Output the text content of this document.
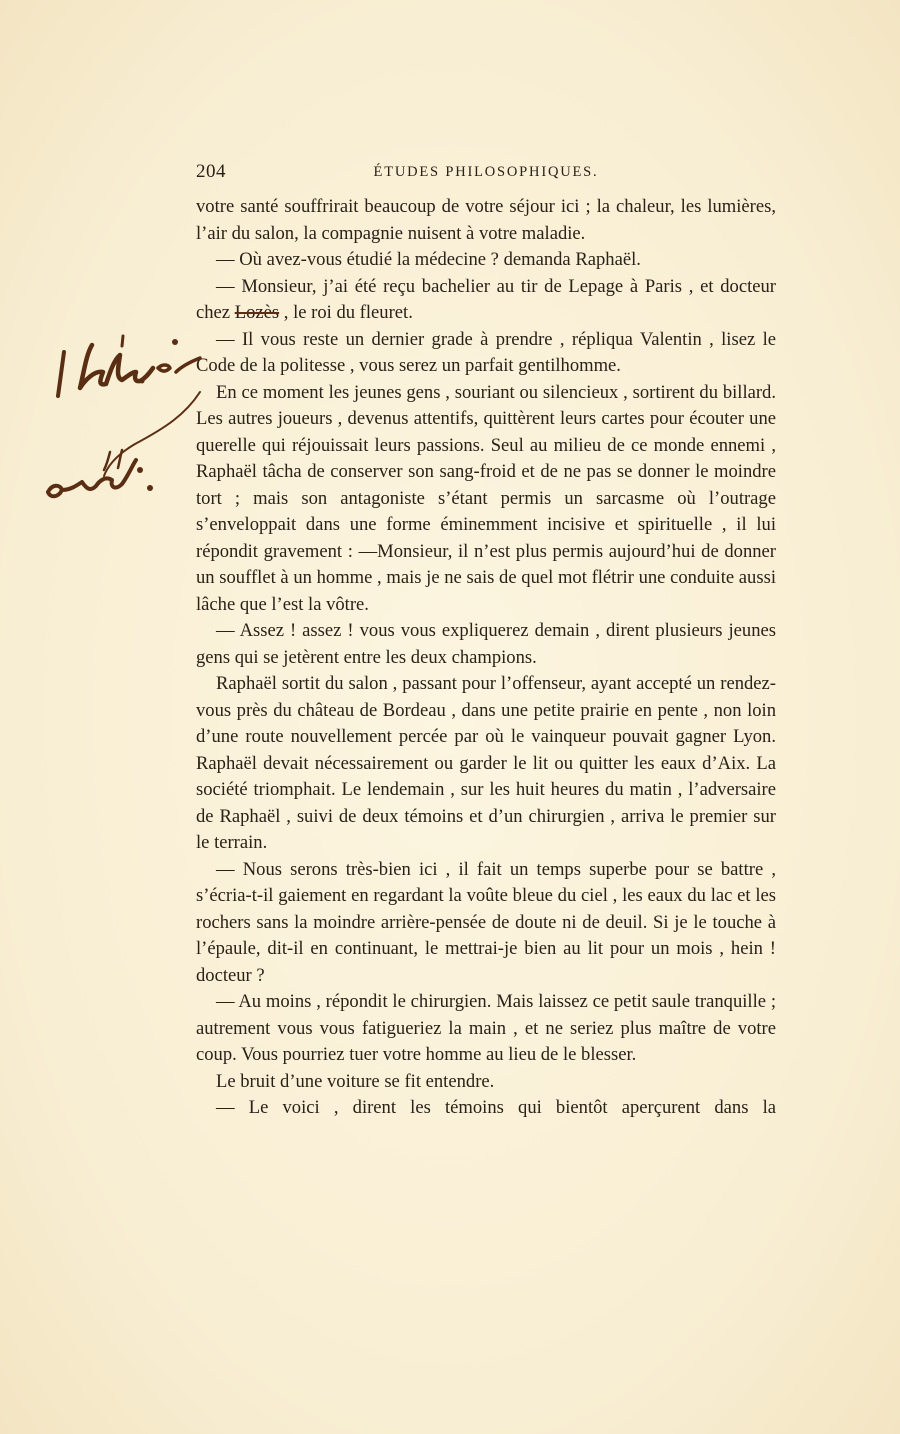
204	ÉTUDES PHILOSOPHIQUES.

votre santé souffrirait beaucoup de votre séjour ici ; la chaleur, les lumières, l’air du salon, la compagnie nuisent à votre maladie.

— Où avez-vous étudié la médecine ? demanda Raphaël.

— Monsieur, j’ai été reçu bachelier au tir de Lepage à Paris , et docteur chez Lozès , le roi du fleuret.

— Il vous reste un dernier grade à prendre , répliqua Valentin , lisez le Code de la politesse , vous serez un parfait gentilhomme.

En ce moment les jeunes gens , souriant ou silencieux , sortirent du billard. Les autres joueurs , devenus attentifs, quittèrent leurs cartes pour écouter une querelle qui réjouissait leurs passions. Seul au milieu de ce monde ennemi , Raphaël tâcha de conserver son sang-froid et de ne pas se donner le moindre tort ; mais son antagoniste s’étant permis un sarcasme où l’outrage s’enveloppait dans une forme éminemment incisive et spirituelle , il lui répondit gravement : —Monsieur, il n’est plus permis aujourd’hui de donner un soufflet à un homme , mais je ne sais de quel mot flétrir une conduite aussi lâche que l’est la vôtre.

— Assez ! assez ! vous vous expliquerez demain , dirent plusieurs jeunes gens qui se jetèrent entre les deux champions.

Raphaël sortit du salon , passant pour l’offenseur, ayant accepté un rendez-vous près du château de Bordeau , dans une petite prairie en pente , non loin d’une route nouvellement percée par où le vainqueur pouvait gagner Lyon. Raphaël devait nécessairement ou garder le lit ou quitter les eaux d’Aix. La société triomphait. Le lendemain , sur les huit heures du matin , l’adversaire de Raphaël , suivi de deux témoins et d’un chirurgien , arriva le premier sur le terrain.

— Nous serons très-bien ici , il fait un temps superbe pour se battre , s’écria-t-il gaiement en regardant la voûte bleue du ciel , les eaux du lac et les rochers sans la moindre arrière-pensée de doute ni de deuil. Si je le touche à l’épaule, dit-il en continuant, le mettrai-je bien au lit pour un mois , hein ! docteur ?

— Au moins , répondit le chirurgien. Mais laissez ce petit saule tranquille ; autrement vous vous fatigueriez la main , et ne seriez plus maître de votre coup. Vous pourriez tuer votre homme au lieu de le blesser.

Le bruit d’une voiture se fit entendre.

— Le voici , dirent les témoins qui bientôt aperçurent dans la
